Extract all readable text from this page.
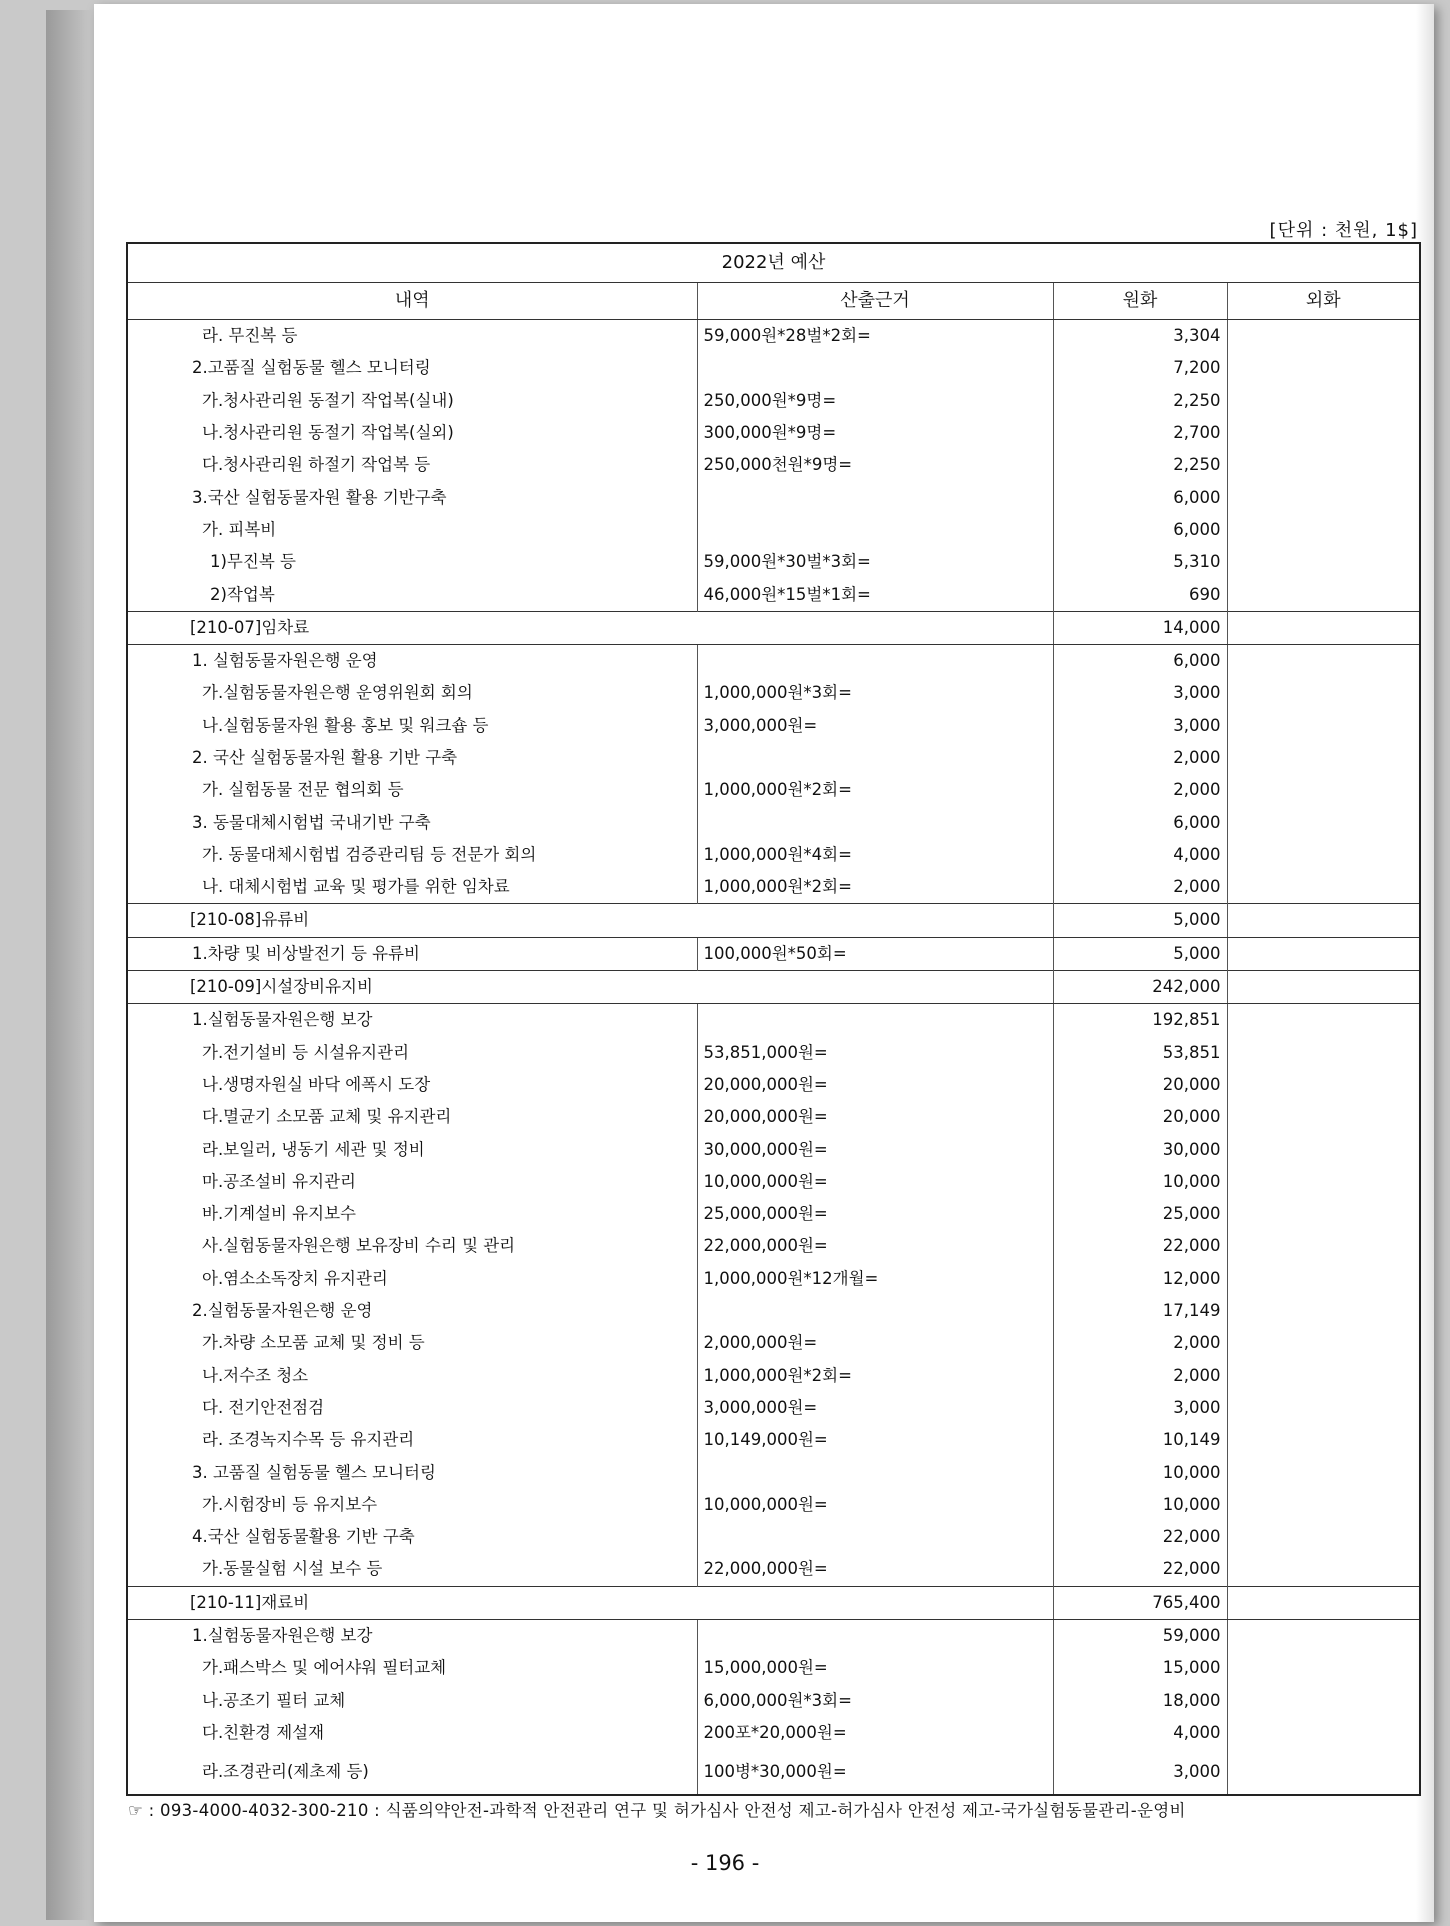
[단위 : 천원, 1$]
2022년 예산			
내역	산출근거	원화	외화
라. 무진복 등	59,000원*28벌*2회=	3,304	
2.고품질 실험동물 헬스 모니터링		7,200	
가.청사관리원 동절기 작업복(실내)	250,000원*9명=	2,250	
나.청사관리원 동절기 작업복(실외)	300,000원*9명=	2,700	
다.청사관리원 하절기 작업복 등	250,000천원*9명=	2,250	
3.국산 실험동물자원 활용 기반구축		6,000	
가. 피복비		6,000	
1)무진복 등	59,000원*30벌*3회=	5,310	
2)작업복	46,000원*15벌*1회=	690	
[210-07]임차료		14,000	
1. 실험동물자원은행 운영		6,000	
가.실험동물자원은행 운영위원회 회의	1,000,000원*3회=	3,000	
나.실험동물자원 활용 홍보 및 워크숍 등	3,000,000원=	3,000	
2. 국산 실험동물자원 활용 기반 구축		2,000	
가. 실험동물 전문 협의회 등	1,000,000원*2회=	2,000	
3. 동물대체시험법 국내기반 구축		6,000	
가. 동물대체시험법 검증관리팀 등 전문가 회의	1,000,000원*4회=	4,000	
나. 대체시험법 교육 및 평가를 위한 임차료	1,000,000원*2회=	2,000	
[210-08]유류비		5,000	
1.차량 및 비상발전기 등 유류비	100,000원*50회=	5,000	
[210-09]시설장비유지비		242,000	
1.실험동물자원은행 보강		192,851	
가.전기설비 등 시설유지관리	53,851,000원=	53,851	
나.생명자원실 바닥 에폭시 도장	20,000,000원=	20,000	
다.멸균기 소모품 교체 및 유지관리	20,000,000원=	20,000	
라.보일러, 냉동기 세관 및 정비	30,000,000원=	30,000	
마.공조설비 유지관리	10,000,000원=	10,000	
바.기계설비 유지보수	25,000,000원=	25,000	
사.실험동물자원은행 보유장비 수리 및 관리	22,000,000원=	22,000	
아.염소소독장치 유지관리	1,000,000원*12개월=	12,000	
2.실험동물자원은행 운영		17,149	
가.차량 소모품 교체 및 정비 등	2,000,000원=	2,000	
나.저수조 청소	1,000,000원*2회=	2,000	
다. 전기안전점검	3,000,000원=	3,000	
라. 조경녹지수목 등 유지관리	10,149,000원=	10,149	
3. 고품질 실험동물 헬스 모니터링		10,000	
가.시험장비 등 유지보수	10,000,000원=	10,000	
4.국산 실험동물활용 기반 구축		22,000	
가.동물실험 시설 보수 등	22,000,000원=	22,000	
[210-11]재료비		765,400	
1.실험동물자원은행 보강		59,000	
가.패스박스 및 에어샤워 필터교체	15,000,000원=	15,000	
나.공조기 필터 교체	6,000,000원*3회=	18,000	
다.친환경 제설재	200포*20,000원=	4,000	
라.조경관리(제초제 등)	100병*30,000원=	3,000	
☞ : 093-4000-4032-300-210 : 식품의약안전-과학적 안전관리 연구 및 허가심사 안전성 제고-허가심사 안전성 제고-국가실험동물관리-운영비
- 196 -
